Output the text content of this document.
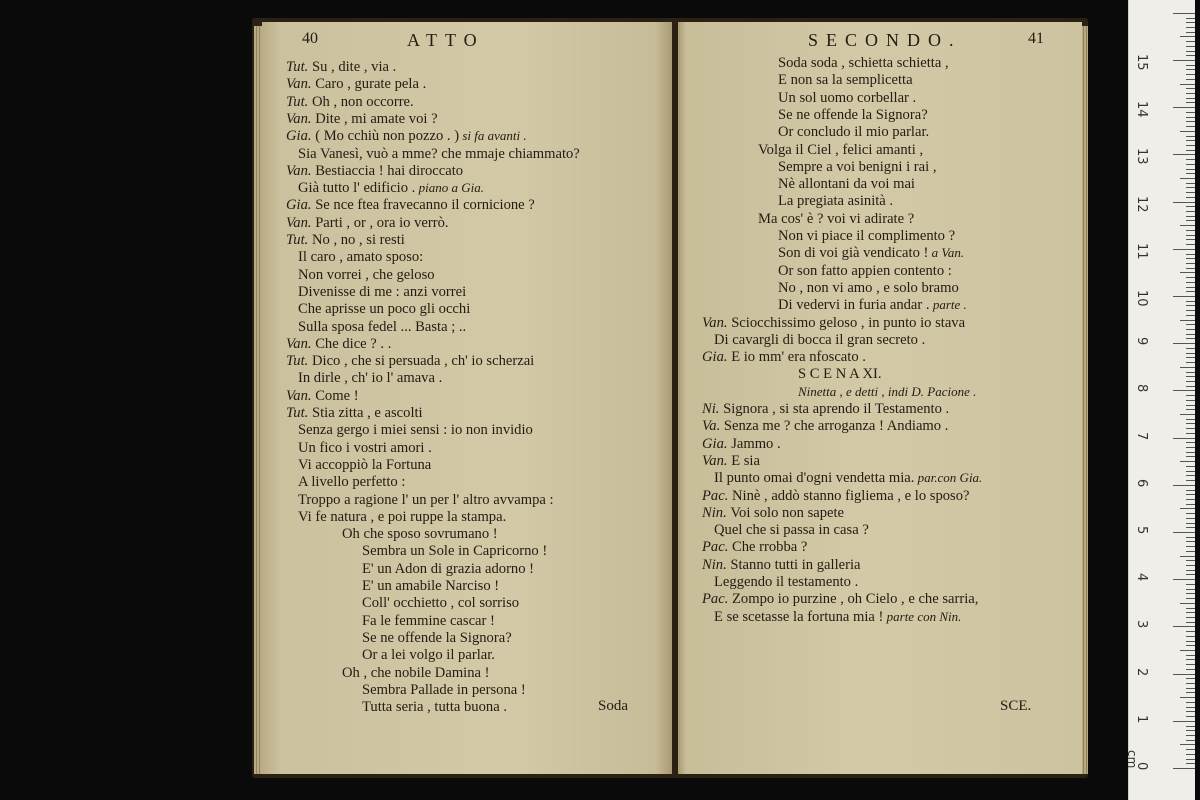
40	ATTO
Tut. Su , dite , via .
Van. Caro , gurate pela .
Tut. Oh , non occorre.
Van. Dite , mi amate voi ?
Gia. ( Mo cchiù non pozzo . ) si fa avanti .
Sia Vanesì, vuò a mme? che mmaje chiammato?
Van. Bestiaccia ! hai diroccato
Già tutto l' edificio . piano a Gia.
Gia. Se nce ftea fravecanno il cornicione ?
Van. Parti , or , ora io verrò.
Tut. No , no , si resti
Il caro , amato sposo:
Non vorrei , che geloso
Divenisse di me : anzi vorrei
Che aprisse un poco gli occhi
Sulla sposa fedel ... Basta ; ..
Van. Che dice ? . .
Tut. Dico , che si persuada , ch' io scherzai
In dirle , ch' io l' amava .
Van. Come !
Tut. Stia zitta , e ascolti
Senza gergo i miei sensi : io non invidio
Un fico i vostri amori .
Vi accoppiò la Fortuna
A livello perfetto :
Troppo a ragione l' un per l' altro avvampa :
Vi fe natura , e poi ruppe la stampa.
Oh che sposo sovrumano !
Sembra un Sole in Capricorno !
E' un Adon di grazia adorno !
E' un amabile Narciso !
Coll' occhietto , col sorriso
Fa le femmine cascar !
Se ne offende la Signora?
Or a lei volgo il parlar.
Oh , che nobile Damina !
Sembra Pallade in persona !
Tutta seria , tutta buona .	Soda
SECONDO.	41
Soda soda , schietta schietta ,
E non sa la semplicetta
Un sol uomo corbellar .
Se ne offende la Signora?
Or concludo il mio parlar.
Volga il Ciel , felici amanti ,
Sempre a voi benigni i rai ,
Nè allontani da voi mai
La pregiata asinità .
Ma cos' è ? voi vi adirate ?
Non vi piace il complimento ?
Son di voi già vendicato ! a Van.
Or son fatto appien contento :
No , non vi amo , e solo bramo
Di vedervi in furia andar . parte .
Van. Sciocchissimo geloso , in punto io stava
Di cavargli di bocca il gran secreto .
Gia. E io mm' era nfoscato .
S C E N A XI.
Ninetta , e detti , indi D. Pacione .
Ni. Signora , si sta aprendo il Testamento .
Va. Senza me ? che arroganza ! Andiamo .
Gia. Jammo .
Van. E sia
Il punto omai d'ogni vendetta mia. par.con Gia.
Pac. Ninè , addò stanno figliema , e lo sposo?
Nin. Voi solo non sapete
Quel che si passa in casa ?
Pac. Che rrobba ?
Nin. Stanno tutti in galleria
Leggendo il testamento .
Pac. Zompo io purzine , oh Cielo , e che sarria,
E se scetasse la fortuna mia ! parte con Nin.
SCE.
0
1
2
3
4
5
6
7
8
9
10
11
12
13
14
15
cm
